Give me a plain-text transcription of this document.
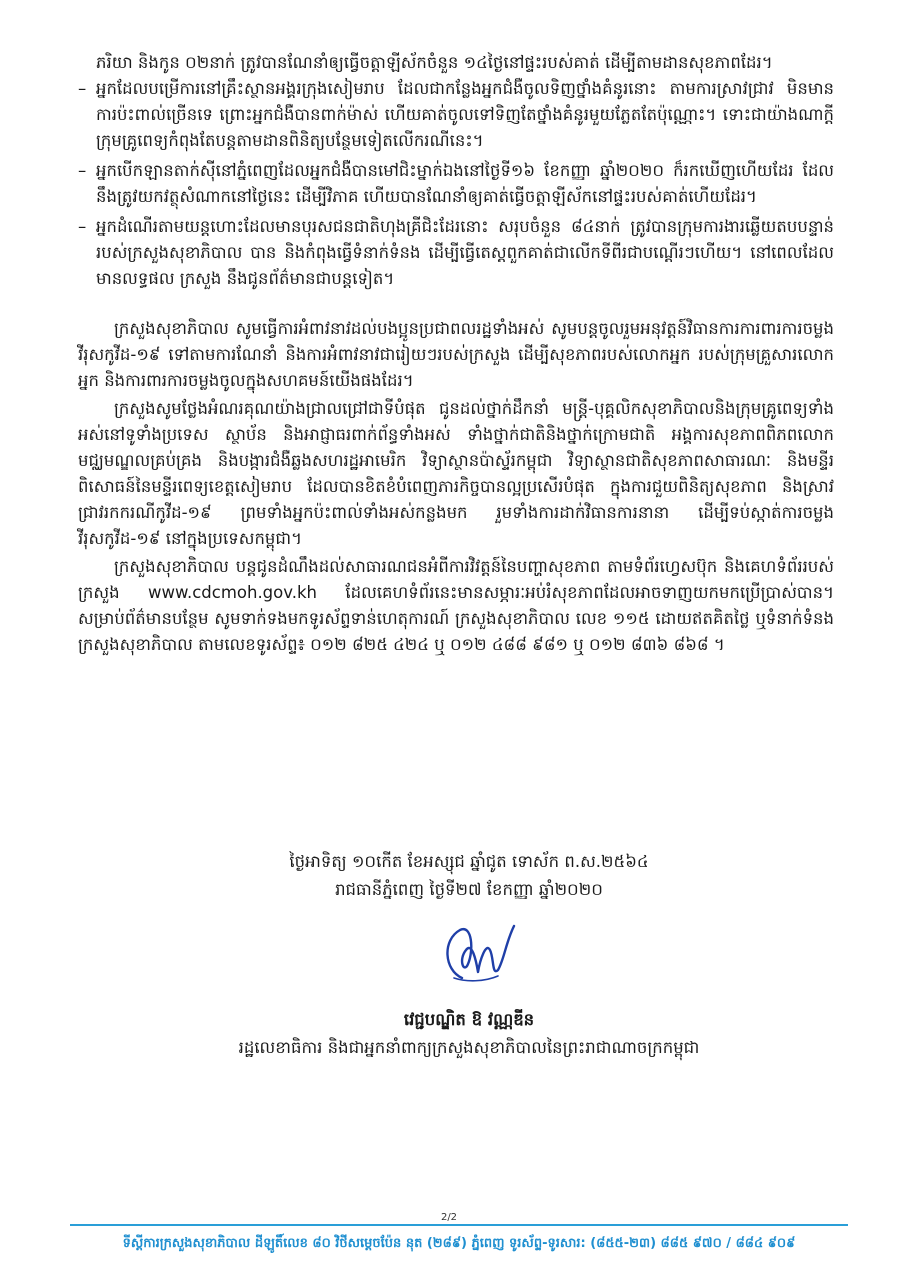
ភរិយា និងកូន ០២នាក់ ត្រូវបានណែនាំឲ្យធ្វើចត្តាឡីស័កចំនួន ១៤ថ្ងៃនៅផ្ទះរបស់គាត់ ដើម្បីតាមដានសុខភាពដែរ។

– អ្នកដែលបម្រើការនៅគ្រឹះស្ថានអង្គរក្រុងសៀមរាប ដែលជាកន្លែងអ្នកជំងឺចូលទិញថ្នាំងគំនូរនោះ តាមការស្រាវជ្រាវ មិនមានការប៉ះពាល់ច្រើនទេ ព្រោះអ្នកជំងឺបានពាក់ម៉ាស់ ហើយគាត់ចូលទៅទិញតែថ្នាំងគំនូរមួយភ្លែតតែប៉ុណ្ណោះ។ ទោះជាយ៉ាងណាក្តី ក្រុមគ្រូពេទ្យកំពុងតែបន្តតាមដានពិនិត្យបន្ថែមទៀតលើករណីនេះ។
– អ្នកបើកឡានតាក់ស៊ីនៅភ្នំពេញដែលអ្នកជំងឺបានមៅជិះម្នាក់ឯងនៅថ្ងៃទី១៦ ខែកញ្ញា ឆ្នាំ២០២០ ក៏រកឃើញហើយដែរ ដែលនឹងត្រូវយកវត្ថុសំណាកនៅថ្ងៃនេះ ដើម្បីវិភាគ ហើយបានណែនាំឲ្យគាត់ធ្វើចត្តាឡីស័កនៅផ្ទះរបស់គាត់ហើយដែរ។
– អ្នកដំណើរតាមយន្តហោះដែលមានបុរសជនជាតិហុងគ្រីជិះដែរនោះ សរុបចំនួន ៨៤នាក់ ត្រូវបានក្រុមការងារឆ្លើយតបបន្ទាន់របស់ក្រសួងសុខាភិបាល បាន និងកំពុងធ្វើទំនាក់ទំនង ដើម្បីធ្វើតេស្តពួកគាត់ជាលើកទីពីរជាបណ្តើរៗហើយ។ នៅពេលដែលមានលទ្ធផល ក្រសួង នឹងជូនព័ត៌មានជាបន្តទៀត។

ក្រសួងសុខាភិបាល សូមធ្វើការអំពាវនាវដល់បងប្អូនប្រជាពលរដ្ឋទាំងអស់ សូមបន្តចូលរួមអនុវត្តន៍វិធានការការពារការចម្លងវីរុសកូវីដ-១៩ ទៅតាមការណែនាំ និងការអំពាវនាវជារៀយៗរបស់ក្រសួង ដើម្បីសុខភាពរបស់លោកអ្នក របស់ក្រុមគ្រួសារលោកអ្នក និងការពារការចម្លងចូលក្នុងសហគមន៍យើងផងដែរ។

ក្រសួងសូមថ្លែងអំណរគុណយ៉ាងជ្រាលជ្រៅជាទីបំផុត ជូនដល់ថ្នាក់ដឹកនាំ មន្ត្រី-បុគ្គលិកសុខាភិបាលនិងក្រុមគ្រូពេទ្យទាំងអស់នៅទូទាំងប្រទេស ស្ថាប័ន និងអាជ្ញាធរពាក់ព័ន្ធទាំងអស់ ទាំងថ្នាក់ជាតិនិងថ្នាក់ក្រោមជាតិ អង្គការសុខភាពពិភពលោក មជ្ឈមណ្ឌលគ្រប់គ្រង និងបង្ការជំងឺឆ្លងសហរដ្ឋអាមេរិក វិទ្យាស្ថានប៉ាស្ទ័រកម្ពុជា វិទ្យាស្ថានជាតិសុខភាពសាធារណៈ និងមន្ទីរពិសោធន៍នៃមន្ទីរពេទ្យខេត្តសៀមរាប ដែលបានខិតខំបំពេញភារកិច្ចបានល្អប្រសើរបំផុត ក្នុងការជួយពិនិត្យសុខភាព និងស្រាវជ្រាវរកករណីកូវីដ-១៩ ព្រមទាំងអ្នកប៉ះពាល់ទាំងអស់កន្លងមក រួមទាំងការដាក់វិធានការនានា ដើម្បីទប់ស្កាត់ការចម្លងវីរុសកូវីដ-១៩ នៅក្នុងប្រទេសកម្ពុជា។

ក្រសួងសុខាភិបាល បន្តជូនដំណឹងដល់សាធារណជនអំពីការវិវត្តន៍នៃបញ្ហាសុខភាព តាមទំព័រហ្វេសប៊ុក និងគេហទំព័ររបស់ក្រសួង www.cdcmoh.gov.kh ដែលគេហទំព័រនេះមានសម្ភារៈអប់រំសុខភាពដែលអាចទាញយកមកប្រើប្រាស់បាន។ សម្រាប់ព័ត៌មានបន្ថែម សូមទាក់ទងមកទូរស័ព្ទទាន់ហេតុការណ៍ ក្រសួងសុខាភិបាល លេខ ១១៥ ដោយឥតគិតថ្លៃ ឬទំនាក់ទំនងក្រសួងសុខាភិបាល តាមលេខទូរស័ព្ទ៖ ០១២ ៨២៥ ៤២៤ ឬ ០១២ ៤៨៨ ៩៨១ ឬ ០១២ ៨៣៦ ៨៦៨ ។

ថ្ងៃអាទិត្យ ១០កើត ខែអស្សុជ ឆ្នាំជូត ទោស័ក ព.ស.២៥៦៤
រាជធានីភ្នំពេញ ថ្ងៃទី២៧ ខែកញ្ញា ឆ្នាំ២០២០
វេជ្ជបណ្ឌិត ឱ វណ្ណឌីន
រដ្ឋលេខាធិការ និងជាអ្នកនាំពាក្យក្រសួងសុខាភិបាលនៃព្រះរាជាណាចក្រកម្ពុជា
2/2
ទីស្តីការក្រសួងសុខាភិបាល ដីឡូតិ៍លេខ ៨០ វិថីសម្តេចប៉ែន នុត (២៨៩) ភ្នំពេញ ទូរស័ព្ទ-ទូរសារ: (៨៥៥-២៣) ៨៨៥ ៩៧០ / ៨៨៤ ៩០៩
